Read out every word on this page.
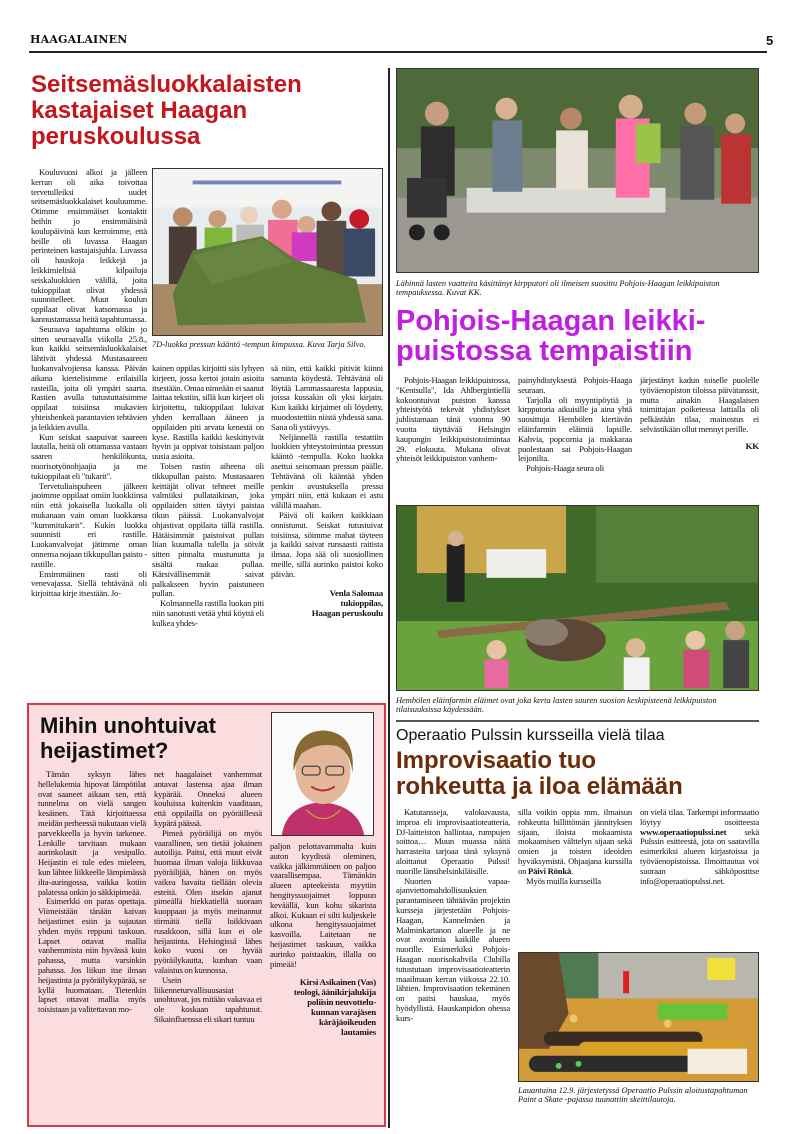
HAAGALAINEN	5
Seitsemäsluokkalaisten
kastajaiset Haagan
peruskoulussa

Kouluvuosi alkoi ja jälleen kerran oli aika toivottaa tervetulleiksi uudet seitsemäsluokkalaiset kouluumme. Otimme ensimmäiset kontaktit heihin jo ensimmäisinä koulupäivinä kun kerroimme, että heille oli luvassa Haagan perinteinen kastajaisjuhla. Luvassa oli hauskoja leikkejä ja leikkimielisiä kilpailuja seiskaluokkien välillä, joita tukioppilaat olivat yhdessä suunnitelleet. Muut koulun oppilaat olivat katsomassa ja kannustamassa heitä tapahtumassa.

Seuraava tapahtuma olikin jo sitten seuraavalla viikolla 25.8., kun kaikki seitsemäsluokkalaiset lähtivät yhdessä Mustasaareen luokanvalvojiensa kanssa. Päivän aikana kiertelisimme erilaisilla rasteilla, joita oli ympäri saarta. Rastien avulla tutustuttaisimme oppilaat toisiinsa mukavien yhteishenkeä parantavien tehtävien ja leikkien avulla.

Kun seiskat saapuivat saareen lautalla, heitä oli ottamassa vastaan saaren henkilökunta, nuorisotyönohjaajia ja me tukioppilaat eli "tukarit".

Tervetuliaispuheen jälkeen jaoimme oppilaat omiin luokkiinsa niin että jokaisella luokalla oli mukanaan vain oman luokkansa "kummitukarit". Kukin luokka suunnisti eri rastille. Luokanvalvojat jätimme oman onnensa nojaan tikkupullan paisto -rastille.

Ensimmäinen rasti oli venevajassa. Siellä tehtävänä oli kirjoittaa kirje itsestään. Jo-

7D-luokka pressun kääntö -tempun kimpussa. Kuva Tarja Silvo.

kainen oppilas kirjoitti siis lyhyen kirjeen, jossa kertoi jotain asioita itsestään. Omaa nimeään ei saanut laittaa tekstiin, sillä kun kirjeet oli kirjoitettu, tukioppilaat lukivat yhden kerrallaan ääneen ja oppilaiden piti arvata kenestä on kyse. Rastilla kaikki keskittyivät hyvin ja oppivat toisistaan paljon uusia asioita.

Toisen rastin aiheena oli tikkupullan paisto. Mustasaaren keittäjät olivat tehneet meille valmiiksi pullataikinan, joka oppilaiden sitten täytyi paistaa tikun päässä. Luokanvalvojat ohjastivat oppilaita tällä rastilla. Hätäisimmät paistoivat pullan liian kuumalla tulella ja söivät sitten pinnalta mustunutta ja sisältä raakaa pullaa. Kärsivällisemmät saivat palkakseen hyvin paistuneen pullan.

Kolmannella rastilla luokan piti niin sanotusti vetää yhtä köyttä eli kulkea yhdes-

sä niin, että kaikki pitivät kiinni samasta köydestä. Tehtävänä oli löytää Lammassaaresta lappusia, joissa kussakin oli yksi kirjain. Kun kaikki kirjaimet oli löydetty, muodostettiin niistä yhdessä sana. Sana oli ystävyys.

Neljännellä rastilla testattiin luokkien yhteystoimintaa pressun kääntö -tempulla. Koko luokka asettui seisomaan pressun päälle. Tehtävänä oli kääntää yhden penkin avustuksella pressu ympäri niin, että kukaan ei astu välillä maahan.

Päivä oli kaiken kaikkiaan onnistunut. Seiskat tutustuivat toisiinsa, söimme mahat täyteen ja kaikki saivat runsaasti raitista ilmaa. Jopa sää oli suosiollinen meille, sillä aurinko paistoi koko päivän.

Venla Salomaa
tukioppilas,
Haagan peruskoulu
Lähinnä lasten vaatteita käsittänyt kirpputori oli ilmeisen suosittu Pohjois-Haagan leikkipuiston tempauksessa. Kuvat KK.
Pohjois-Haagan leikki-
puistossa tempaistiin

Pohjois-Haagan leikkipuistossa, "Kentsulla", Ida Ahlbergintiellä kokoontuivat puiston kanssa yhteistyötä tekevät yhdistykset juhlistamaan tänä vuonna 90 vuotta täyttävää Helsingin kaupungin leikkipuistotoimintaa 29. elokuuta. Mukana olivat yhteisöt leikkipuiston vanhem-

painyhdistyksestä Pohjois-Haaga seuraan.

Tarjolla oli myyntipöytiä ja kirpputoria aikuisille ja aina yhtä suosittuja Hembölen kiertävän eläinfarmin eläimiä lapsille. Kahvia, popcornia ja makkaraa puolestaan sai Pohjois-Haagan leijonilta.

Pohjois-Haaga seura oli

järjestänyt kadun toiselle puolelle työväenopiston tiloissa päivätanssit, mutta ainakin Haagalaisen toimittajan poiketessa lattialla oli pelkästään tilaa, mainostus ei selvästikään ollut mennyt perille.

KK
Hembölen eläinfarmin eläimet ovat joka kerta lasten suuren suosion keskipisteenä leikkipuiston tilaisuuksissa käydessään.
Mihin unohtuivat
heijastimet?

Tämän syksyn lähes hellelukemia hipovat lämpötilat ovat saaneet aikaan sen, että tunnelma on vielä sangen kesäinen. Tätä kirjoittaessa meidän perheessä nukutaan vielä parvekkeella ja hyvin tarkenee. Lenkille tarvitaan mukaan aurinkolasit ja vesipullo. Heijastin ei tule edes mieleen, kun lähtee liikkeelle lämpimässä ilta-auringossa, vaikka kotiin palatessa onkin jo säkkipimeää.

Esimerkki on paras opettaja. Viimeistään tänään kaivan heijastimet esiin ja sujautan yhden myös reppuni taskuun. Lapset ottavat mallia vanhemmista niin hyvässä kuin pahassa, mutta varsinkin pahassa. Jos liikun itse ilman heijastinta ja pyöräilykypärää, se kyllä huomataan. Tietenkin lapset ottavat mallia myös toisistaan ja valitettavan mo-

net haagalaiset vanhemmat antavat lastensa ajaa ilman kypärää. Onneksi alueen kouluissa kuitenkin vaaditaan, että oppilailla on pyöräillessä kypärä päässä.

Pimeä pyöräilijä on myös vaarallinen, sen tietää jokainen autoilija. Paitsi, että muut eivät huomaa ilman valoja liikkuvaa pyöräilijää, hänen on myös vaikea havaita tiellään olevia esteitä. Olen itsekin ajanut pimeällä hiekkatiellä suoraan kuoppaan ja myös meinannut törmätä tiellä loikkivaan rusakkoon, sillä kun ei ole heijastinta. Helsingissä lähes koko vuosi on hyvää pyöräilykautta, kunhan vaan valaistus on kunnossa.

Usein liikenneturvallisuusasiat unohtuvat, jos mitään vakavaa ei ole koskaan tapahtunut. Sikainfluenssa eli sikari tuntuu

paljon pelottavammalta kuin auton kyydissä oleminen, vaikka jälkimmäinen on paljon vaarallisempaa. Tämänkin alueen apteekeista myytiin hengityssuojaimet loppuun keväällä, kun kohu sikarista alkoi. Kukaan ei silti kuljeskele ulkona hengityssuojaimet kasvoilla. Laitetaan ne heijastimet taskuun, vaikka aurinko paistaakin, illalla on pimeää!

Kirsi Asikainen (Vas)
teologi, äänikirjalukija
poliisin neuvottelu-
kunnan varajäsen
käräjäoikeuden
lautamies
Operaatio Pulssin kursseilla vielä tilaa
Improvisaatio tuo
rohkeutta ja iloa elämään

Katutansseja, valokuvausta, improa eli improvisaatioteatteria, DJ-laitteiston hallintaa, rumpujen soittoa… Muun muassa näitä harrasteita tarjoaa tänä syksynä aloittanut Operaatio Pulssi! nuorille länsihelsinkiläisille.

Nuorten vapaa-ajanviettomahdollisuuksien parantamiseen tähtäävän projektin kursseja järjestetään Pohjois-Haagan, Kannelmäen ja Malminkartanon alueelle ja ne ovat avoimia kaikille alueen nuorille. Esimerkiksi Pohjois-Haagan nuorisokahvila Clubilla tutustutaan improvisaatioteatterin maailmaan kerran viikossa 22.10. lähtien. Improvisaation tekeminen on paitsi hauskaa, myös hyödyllistä. Hauskanpidon ohessa kurs-

silla voikin oppia mm. ilmaisun rohkeutta hillittömän jännityksen sijaan, iloista mokaamista mokaamisen välttelyn sijaan sekä omien ja toisten ideoiden hyväksymistä. Ohjaajana kurssilla on Päivi Rönkä.

Myös muilla kursseilla

on vielä tilaa. Tarkempi informaatio löytyy osoitteesta www.operaatiopulssi.net sekä Pulssin esitteestä, jota on saatavilla esimerkiksi alueen kirjastoissa ja työväenopistoissa. Ilmoittautua voi suoraan sähköpostitse info@operaatiopulssi.net.

Lauantaina 12.9. järjestetyssä Operaatio Pulssin aloitustapahtuman Paint a Skate -pajassa tuunattiin skeittilautoja.
